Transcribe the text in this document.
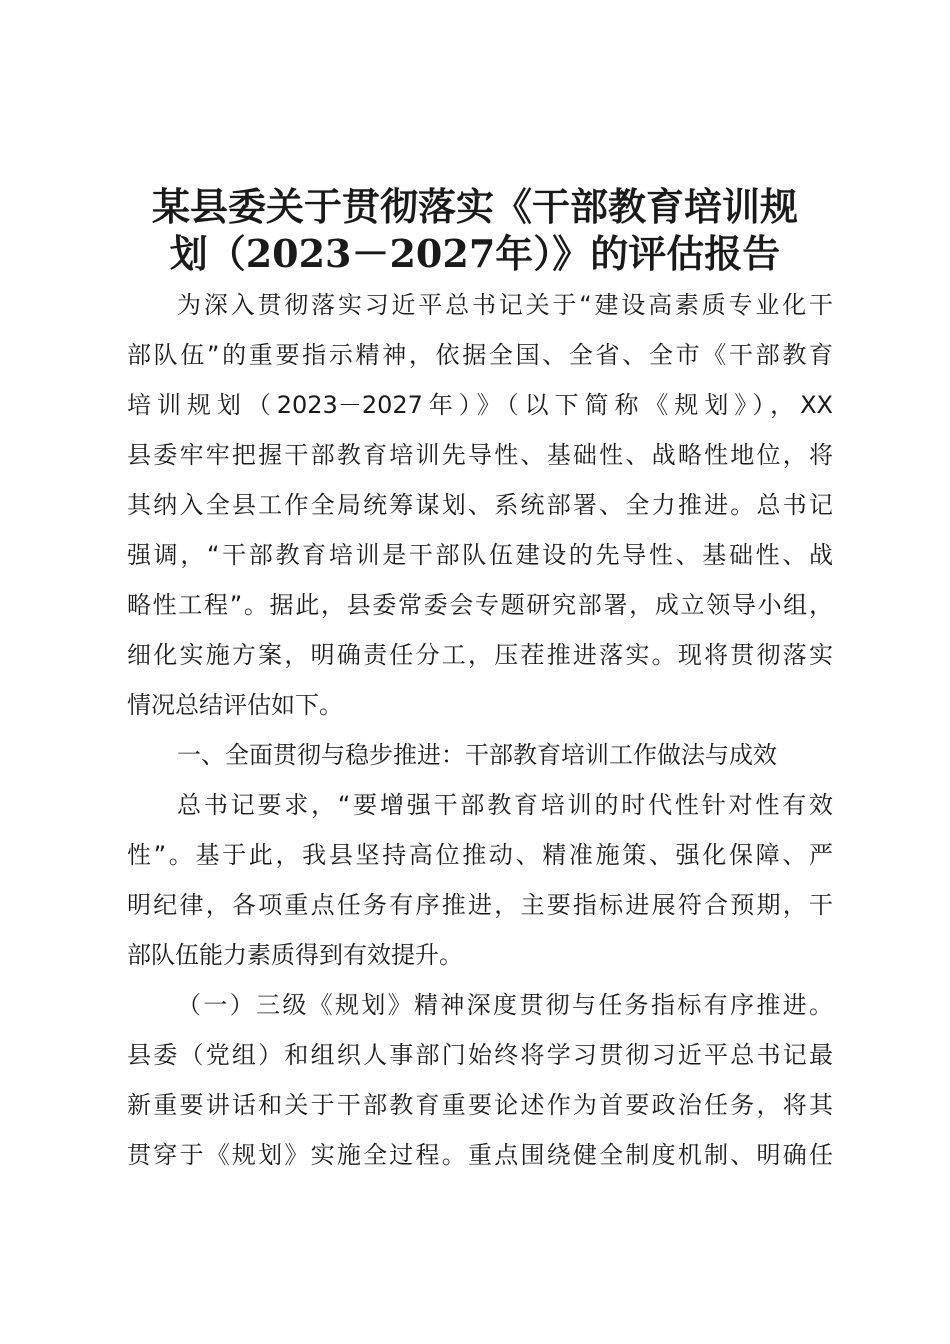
某县委关于贯彻落实《干部教育培训规
划（2023－2027年）》的评估报告
为深入贯彻落实习近平总书记关于“建设高素质专业化干
部队伍”的重要指示精神，依据全国、全省、全市《干部教育
培训规划（2023－2027年）》（以下简称《规划》），XX
县委牢牢把握干部教育培训先导性、基础性、战略性地位，将
其纳入全县工作全局统筹谋划、系统部署、全力推进。总书记
强调，“干部教育培训是干部队伍建设的先导性、基础性、战
略性工程”。据此，县委常委会专题研究部署，成立领导小组，
细化实施方案，明确责任分工，压茬推进落实。现将贯彻落实
情况总结评估如下。
一、全面贯彻与稳步推进：干部教育培训工作做法与成效
总书记要求，“要增强干部教育培训的时代性针对性有效
性”。基于此，我县坚持高位推动、精准施策、强化保障、严
明纪律，各项重点任务有序推进，主要指标进展符合预期，干
部队伍能力素质得到有效提升。
（一）三级《规划》精神深度贯彻与任务指标有序推进。
县委（党组）和组织人事部门始终将学习贯彻习近平总书记最
新重要讲话和关于干部教育重要论述作为首要政治任务，将其
贯穿于《规划》实施全过程。重点围绕健全制度机制、明确任
